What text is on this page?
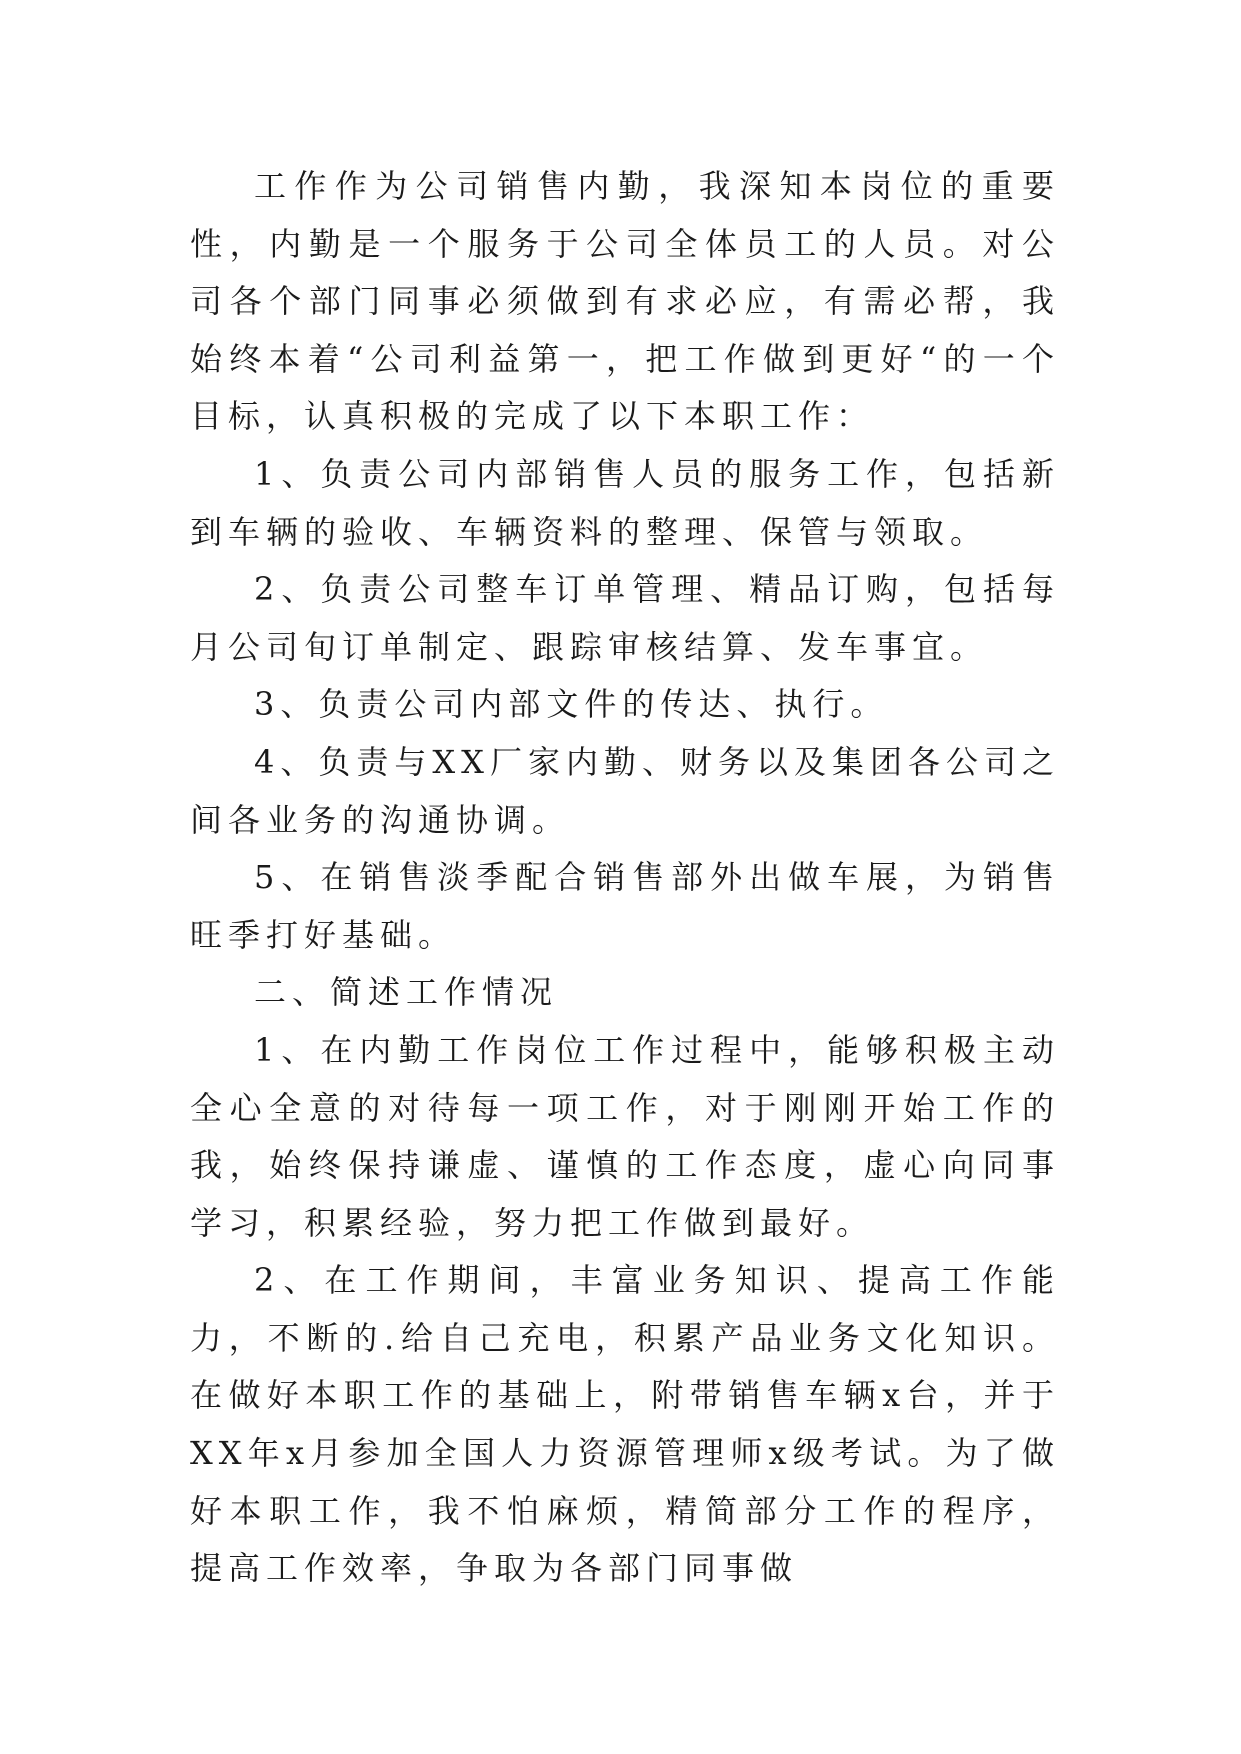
工作作为公司销售内勤，我深知本岗位的重要性，内勤是一个服务于公司全体员工的人员。对公司各个部门同事必须做到有求必应，有需必帮，我始终本着“公司利益第一，把工作做到更好“的一个目标，认真积极的完成了以下本职工作：

1、负责公司内部销售人员的服务工作，包括新到车辆的验收、车辆资料的整理、保管与领取。

2、负责公司整车订单管理、精品订购，包括每月公司旬订单制定、跟踪审核结算、发车事宜。

3、负责公司内部文件的传达、执行。

4、负责与XX厂家内勤、财务以及集团各公司之间各业务的沟通协调。

5、在销售淡季配合销售部外出做车展，为销售旺季打好基础。

二、简述工作情况

1、在内勤工作岗位工作过程中，能够积极主动全心全意的对待每一项工作，对于刚刚开始工作的我，始终保持谦虚、谨慎的工作态度，虚心向同事学习，积累经验，努力把工作做到最好。

2、在工作期间，丰富业务知识、提高工作能力，不断的.给自己充电，积累产品业务文化知识。在做好本职工作的基础上，附带销售车辆x台，并于XX年x月参加全国人力资源管理师x级考试。为了做好本职工作，我不怕麻烦，精简部分工作的程序，提高工作效率，争取为各部门同事做
